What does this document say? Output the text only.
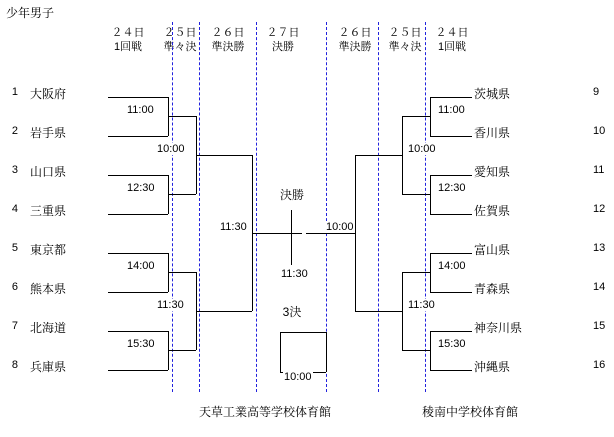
少年男子
２４日
1回戦
２５日
準々決
２６日
準決勝
２７日
決勝
２６日
準決勝
２５日
準々決
２４日
1回戦
1 大阪府
2 岩手県
3 山口県
4 三重県
5 東京都
6 熊本県
7 北海道
8 兵庫県
茨城県	9
香川県	10
愛知県	11
佐賀県	12
富山県	13
青森県	14
神奈川県	15
沖縄県	16
11:00
12:30
14:00
15:30
10:00
11:30
11:30
11:00
12:30
14:00
15:30
10:00
11:30
10:00
決勝
11:30
3決
10:00
天草工業高等学校体育館	稜南中学校体育館
